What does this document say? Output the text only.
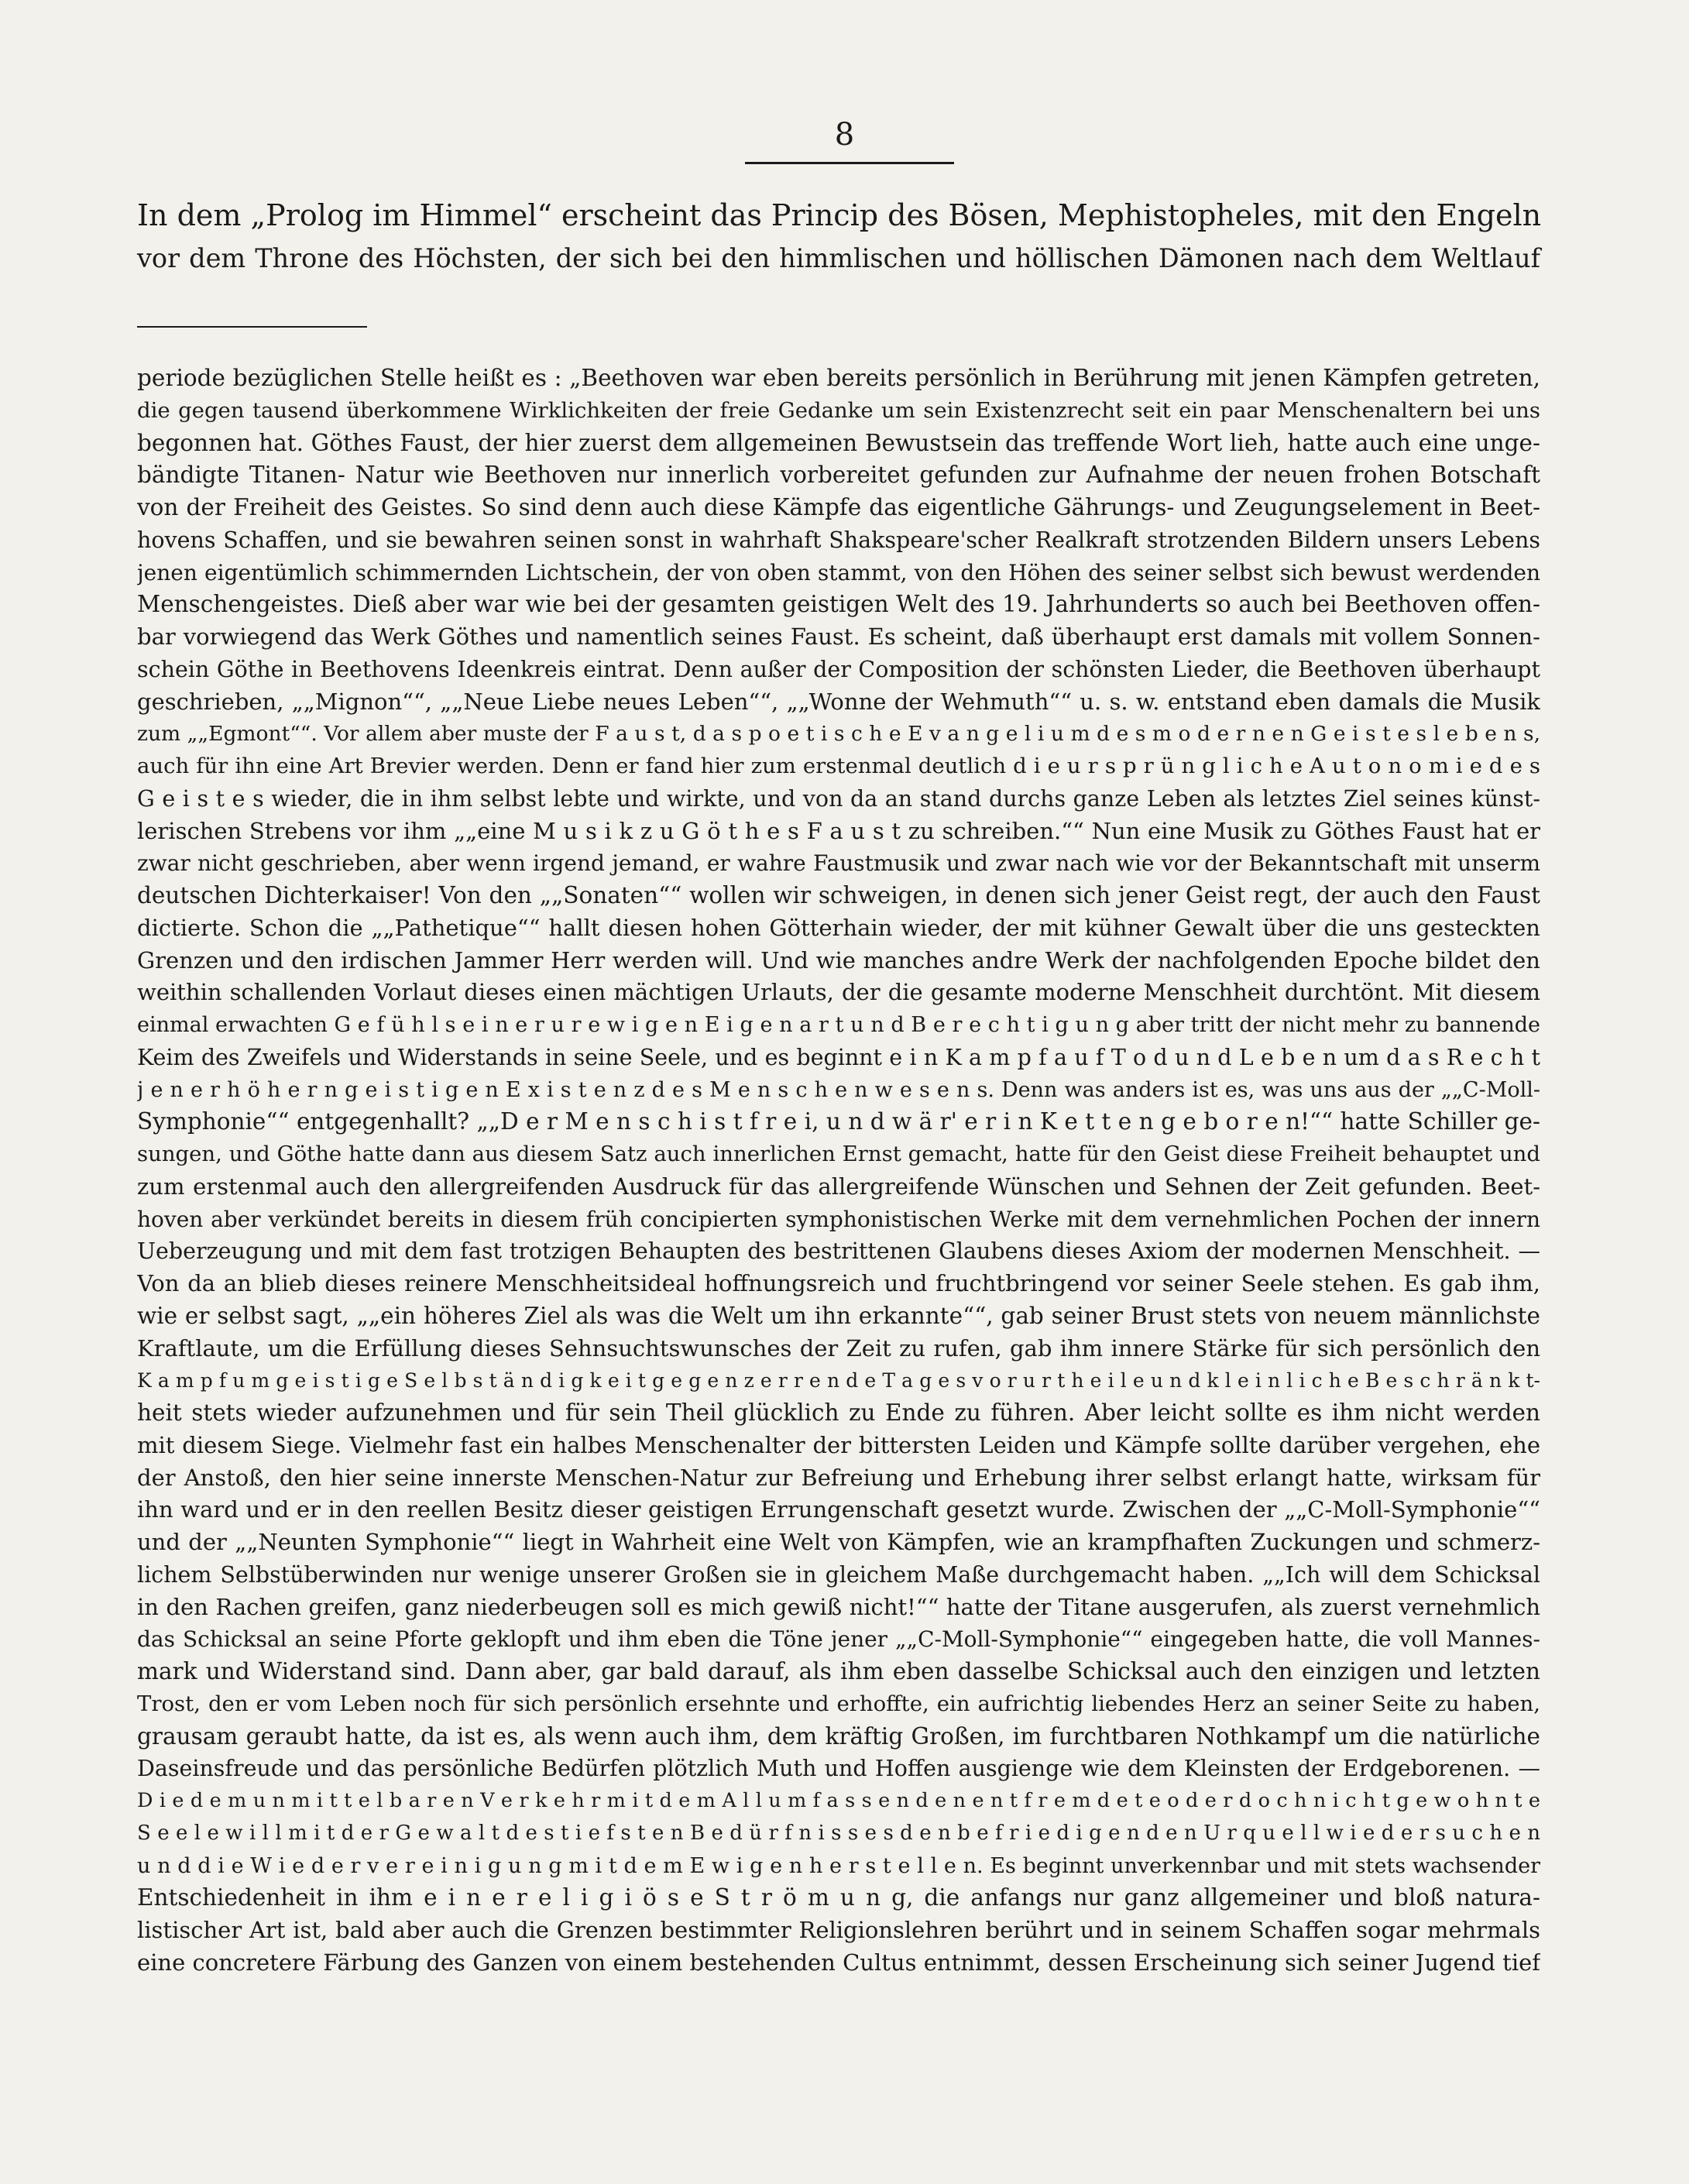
8

In dem „Prolog im Himmel“ erscheint das Princip des Bösen, Mephistopheles, mit den Engeln
vor dem Throne des Höchsten, der sich bei den himmlischen und höllischen Dämonen nach dem Weltlauf

periode bezüglichen Stelle heißt es : „Beethoven war eben bereits persönlich in Berührung mit jenen Kämpfen getreten,
die gegen tausend überkommene Wirklichkeiten der freie Gedanke um sein Existenzrecht seit ein paar Menschenaltern bei uns
begonnen hat. Göthes Faust, der hier zuerst dem allgemeinen Bewustsein das treffende Wort lieh, hatte auch eine unge-
bändigte Titanen- Natur wie Beethoven nur innerlich vorbereitet gefunden zur Aufnahme der neuen frohen Botschaft
von der Freiheit des Geistes. So sind denn auch diese Kämpfe das eigentliche Gährungs- und Zeugungselement in Beet-
hovens Schaffen, und sie bewahren seinen sonst in wahrhaft Shakspeare'scher Realkraft strotzenden Bildern unsers Lebens
jenen eigentümlich schimmernden Lichtschein, der von oben stammt, von den Höhen des seiner selbst sich bewust werdenden
Menschengeistes. Dieß aber war wie bei der gesamten geistigen Welt des 19. Jahrhunderts so auch bei Beethoven offen-
bar vorwiegend das Werk Göthes und namentlich seines Faust. Es scheint, daß überhaupt erst damals mit vollem Sonnen-
schein Göthe in Beethovens Ideenkreis eintrat. Denn außer der Composition der schönsten Lieder, die Beethoven überhaupt
geschrieben, „„Mignon““, „„Neue Liebe neues Leben““, „„Wonne der Wehmuth““ u. s. w. entstand eben damals die Musik
zum „„Egmont““. Vor allem aber muste der F a u s t, d a s p o e t i s c h e E v a n g e l i u m d e s m o d e r n e n G e i s t e s l e b e n s,
auch für ihn eine Art Brevier werden. Denn er fand hier zum erstenmal deutlich d i e u r s p r ü n g l i c h e A u t o n o m i e d e s
G e i s t e s wieder, die in ihm selbst lebte und wirkte, und von da an stand durchs ganze Leben als letztes Ziel seines künst-
lerischen Strebens vor ihm „„eine M u s i k z u G ö t h e s F a u s t zu schreiben.““ Nun eine Musik zu Göthes Faust hat er
zwar nicht geschrieben, aber wenn irgend jemand, er wahre Faustmusik und zwar nach wie vor der Bekanntschaft mit unserm
deutschen Dichterkaiser! Von den „„Sonaten““ wollen wir schweigen, in denen sich jener Geist regt, der auch den Faust
dictierte. Schon die „„Pathetique““ hallt diesen hohen Götterhain wieder, der mit kühner Gewalt über die uns gesteckten
Grenzen und den irdischen Jammer Herr werden will. Und wie manches andre Werk der nachfolgenden Epoche bildet den
weithin schallenden Vorlaut dieses einen mächtigen Urlauts, der die gesamte moderne Menschheit durchtönt. Mit diesem
einmal erwachten G e f ü h l s e i n e r u r e w i g e n E i g e n a r t u n d B e r e c h t i g u n g aber tritt der nicht mehr zu bannende
Keim des Zweifels und Widerstands in seine Seele, und es beginnt e i n K a m p f a u f T o d u n d L e b e n um d a s R e c h t
j e n e r h ö h e r n g e i s t i g e n E x i s t e n z d e s M e n s c h e n w e s e n s. Denn was anders ist es, was uns aus der „„C-Moll-
Symphonie““ entgegenhallt? „„D e r M e n s c h i s t f r e i, u n d w ä r' e r i n K e t t e n g e b o r e n!““ hatte Schiller ge-
sungen, und Göthe hatte dann aus diesem Satz auch innerlichen Ernst gemacht, hatte für den Geist diese Freiheit behauptet und
zum erstenmal auch den allergreifenden Ausdruck für das allergreifende Wünschen und Sehnen der Zeit gefunden. Beet-
hoven aber verkündet bereits in diesem früh concipierten symphonistischen Werke mit dem vernehmlichen Pochen der innern
Ueberzeugung und mit dem fast trotzigen Behaupten des bestrittenen Glaubens dieses Axiom der modernen Menschheit. —
Von da an blieb dieses reinere Menschheitsideal hoffnungsreich und fruchtbringend vor seiner Seele stehen. Es gab ihm,
wie er selbst sagt, „„ein höheres Ziel als was die Welt um ihn erkannte““, gab seiner Brust stets von neuem männlichste
Kraftlaute, um die Erfüllung dieses Sehnsuchtswunsches der Zeit zu rufen, gab ihm innere Stärke für sich persönlich den
K a m p f u m g e i s t i g e S e l b s t ä n d i g k e i t g e g e n z e r r e n d e T a g e s v o r u r t h e i l e u n d k l e i n l i c h e B e s c h r ä n k t-
heit stets wieder aufzunehmen und für sein Theil glücklich zu Ende zu führen. Aber leicht sollte es ihm nicht werden
mit diesem Siege. Vielmehr fast ein halbes Menschenalter der bittersten Leiden und Kämpfe sollte darüber vergehen, ehe
der Anstoß, den hier seine innerste Menschen-Natur zur Befreiung und Erhebung ihrer selbst erlangt hatte, wirksam für
ihn ward und er in den reellen Besitz dieser geistigen Errungenschaft gesetzt wurde. Zwischen der „„C-Moll-Symphonie““
und der „„Neunten Symphonie““ liegt in Wahrheit eine Welt von Kämpfen, wie an krampfhaften Zuckungen und schmerz-
lichem Selbstüberwinden nur wenige unserer Großen sie in gleichem Maße durchgemacht haben. „„Ich will dem Schicksal
in den Rachen greifen, ganz niederbeugen soll es mich gewiß nicht!““ hatte der Titane ausgerufen, als zuerst vernehmlich
das Schicksal an seine Pforte geklopft und ihm eben die Töne jener „„C-Moll-Symphonie““ eingegeben hatte, die voll Mannes-
mark und Widerstand sind. Dann aber, gar bald darauf, als ihm eben dasselbe Schicksal auch den einzigen und letzten
Trost, den er vom Leben noch für sich persönlich ersehnte und erhoffte, ein aufrichtig liebendes Herz an seiner Seite zu haben,
grausam geraubt hatte, da ist es, als wenn auch ihm, dem kräftig Großen, im furchtbaren Nothkampf um die natürliche
Daseinsfreude und das persönliche Bedürfen plötzlich Muth und Hoffen ausgienge wie dem Kleinsten der Erdgeborenen. —
D i e d e m u n m i t t e l b a r e n V e r k e h r m i t d e m A l l u m f a s s e n d e n e n t f r e m d e t e o d e r d o c h n i c h t g e w o h n t e
S e e l e w i l l m i t d e r G e w a l t d e s t i e f s t e n B e d ü r f n i s s e s d e n b e f r i e d i g e n d e n U r q u e l l w i e d e r s u c h e n
u n d d i e W i e d e r v e r e i n i g u n g m i t d e m E w i g e n h e r s t e l l e n. Es beginnt unverkennbar und mit stets wachsender
Entschiedenheit in ihm e i n e r e l i g i ö s e S t r ö m u n g, die anfangs nur ganz allgemeiner und bloß natura-
listischer Art ist, bald aber auch die Grenzen bestimmter Religionslehren berührt und in seinem Schaffen sogar mehrmals
eine concretere Färbung des Ganzen von einem bestehenden Cultus entnimmt, dessen Erscheinung sich seiner Jugend tief
